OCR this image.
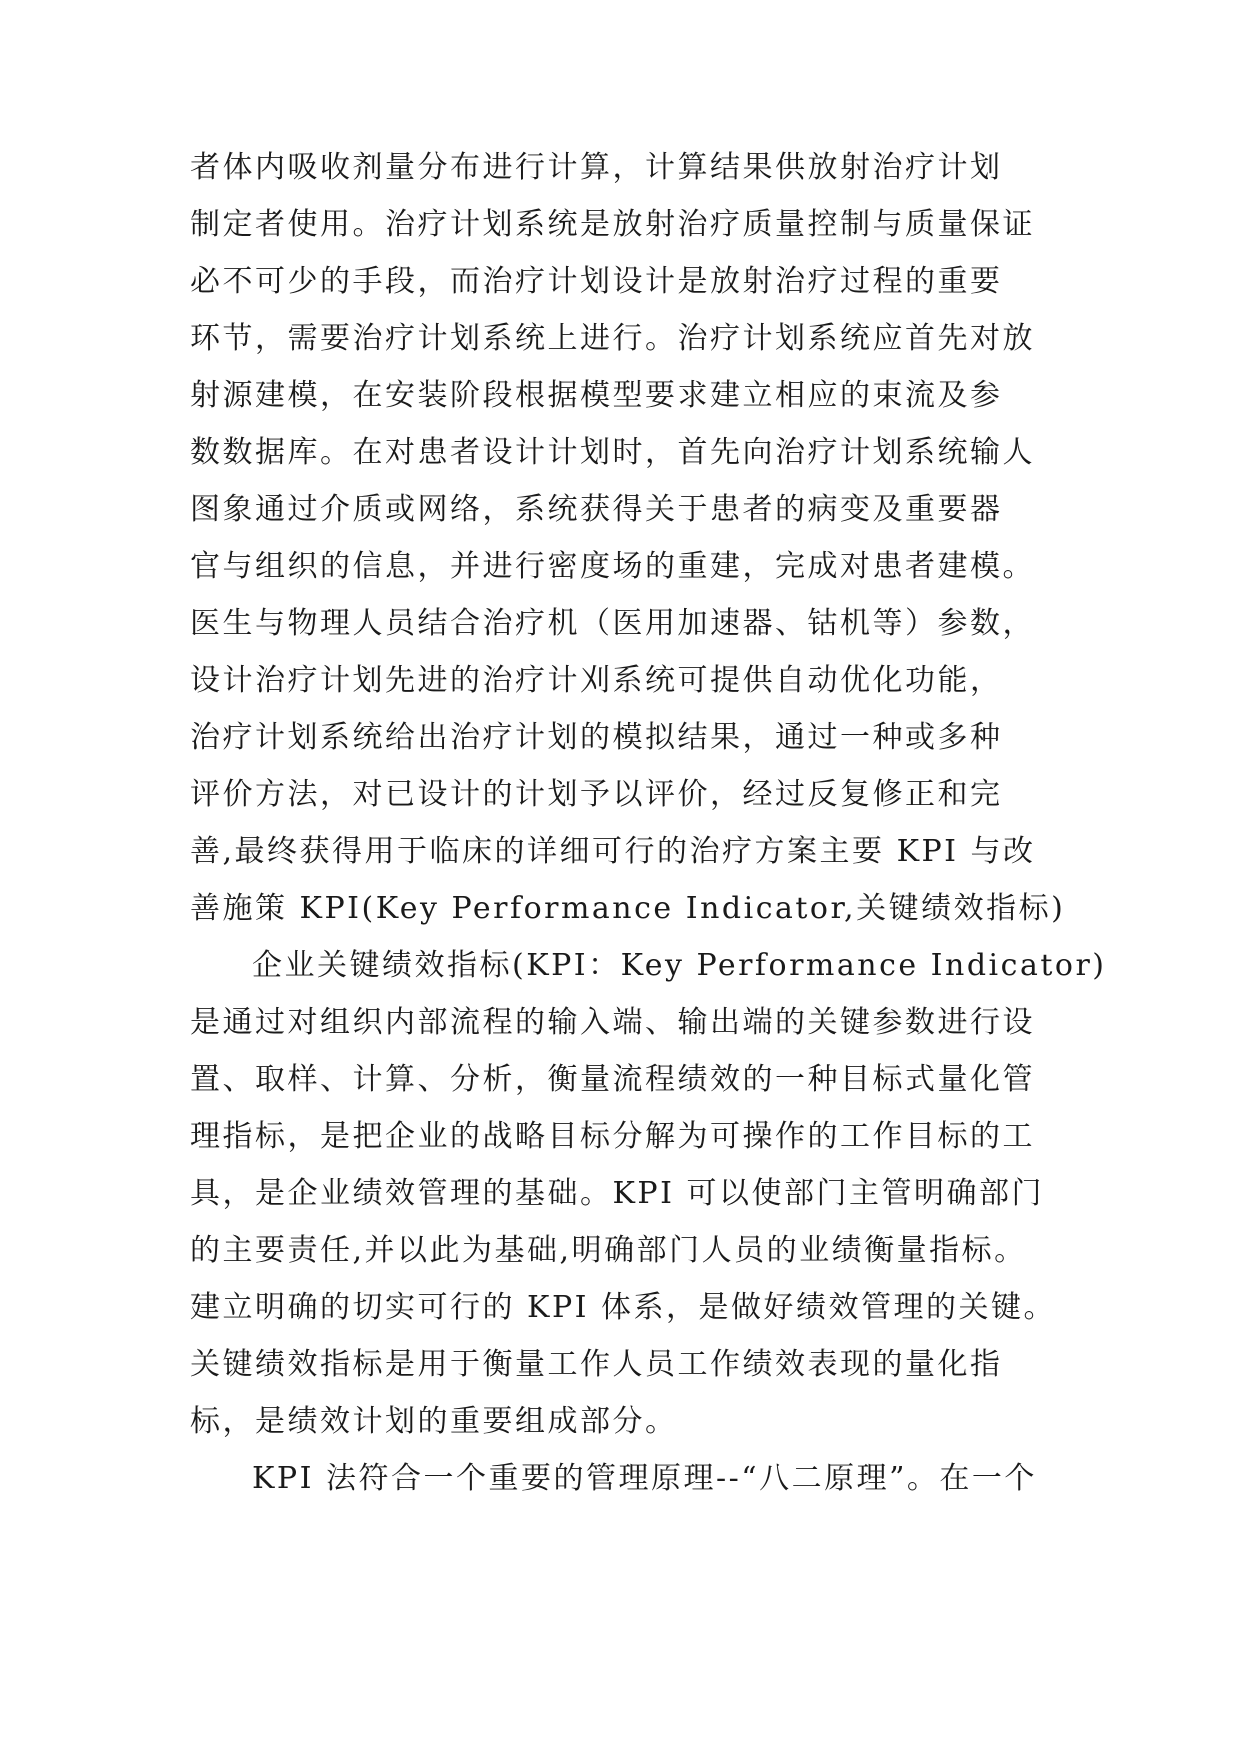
者体内吸收剂量分布进行计算，计算结果供放射治疗计划
制定者使用。治疗计划系统是放射治疗质量控制与质量保证
必不可少的手段，而治疗计划设计是放射治疗过程的重要
环节，需要治疗计划系统上进行。治疗计划系统应首先对放
射源建模，在安装阶段根据模型要求建立相应的束流及参
数数据库。在对患者设计计划时，首先向治疗计划系统输人
图象通过介质或网络，系统获得关于患者的病变及重要器
官与组织的信息，并进行密度场的重建，完成对患者建模。
医生与物理人员结合治疗机（医用加速器、钴机等）参数，
设计治疗计划先进的治疗计刈系统可提供自动优化功能，
治疗计划系统给出治疗计划的模拟结果，通过一种或多种
评价方法，对已设计的计划予以评价，经过反复修正和完
善,最终获得用于临床的详细可行的治疗方案主要 KPI 与改
善施策 KPI(Key Performance Indicator,关键绩效指标)
企业关键绩效指标(KPI：Key Performance Indicator)
是通过对组织内部流程的输入端、输出端的关键参数进行设
置、取样、计算、分析，衡量流程绩效的一种目标式量化管
理指标，是把企业的战略目标分解为可操作的工作目标的工
具，是企业绩效管理的基础。KPI 可以使部门主管明确部门
的主要责任,并以此为基础,明确部门人员的业绩衡量指标。
建立明确的切实可行的 KPI 体系，是做好绩效管理的关键。
关键绩效指标是用于衡量工作人员工作绩效表现的量化指
标，是绩效计划的重要组成部分。
KPI 法符合一个重要的管理原理--“八二原理”。在一个
